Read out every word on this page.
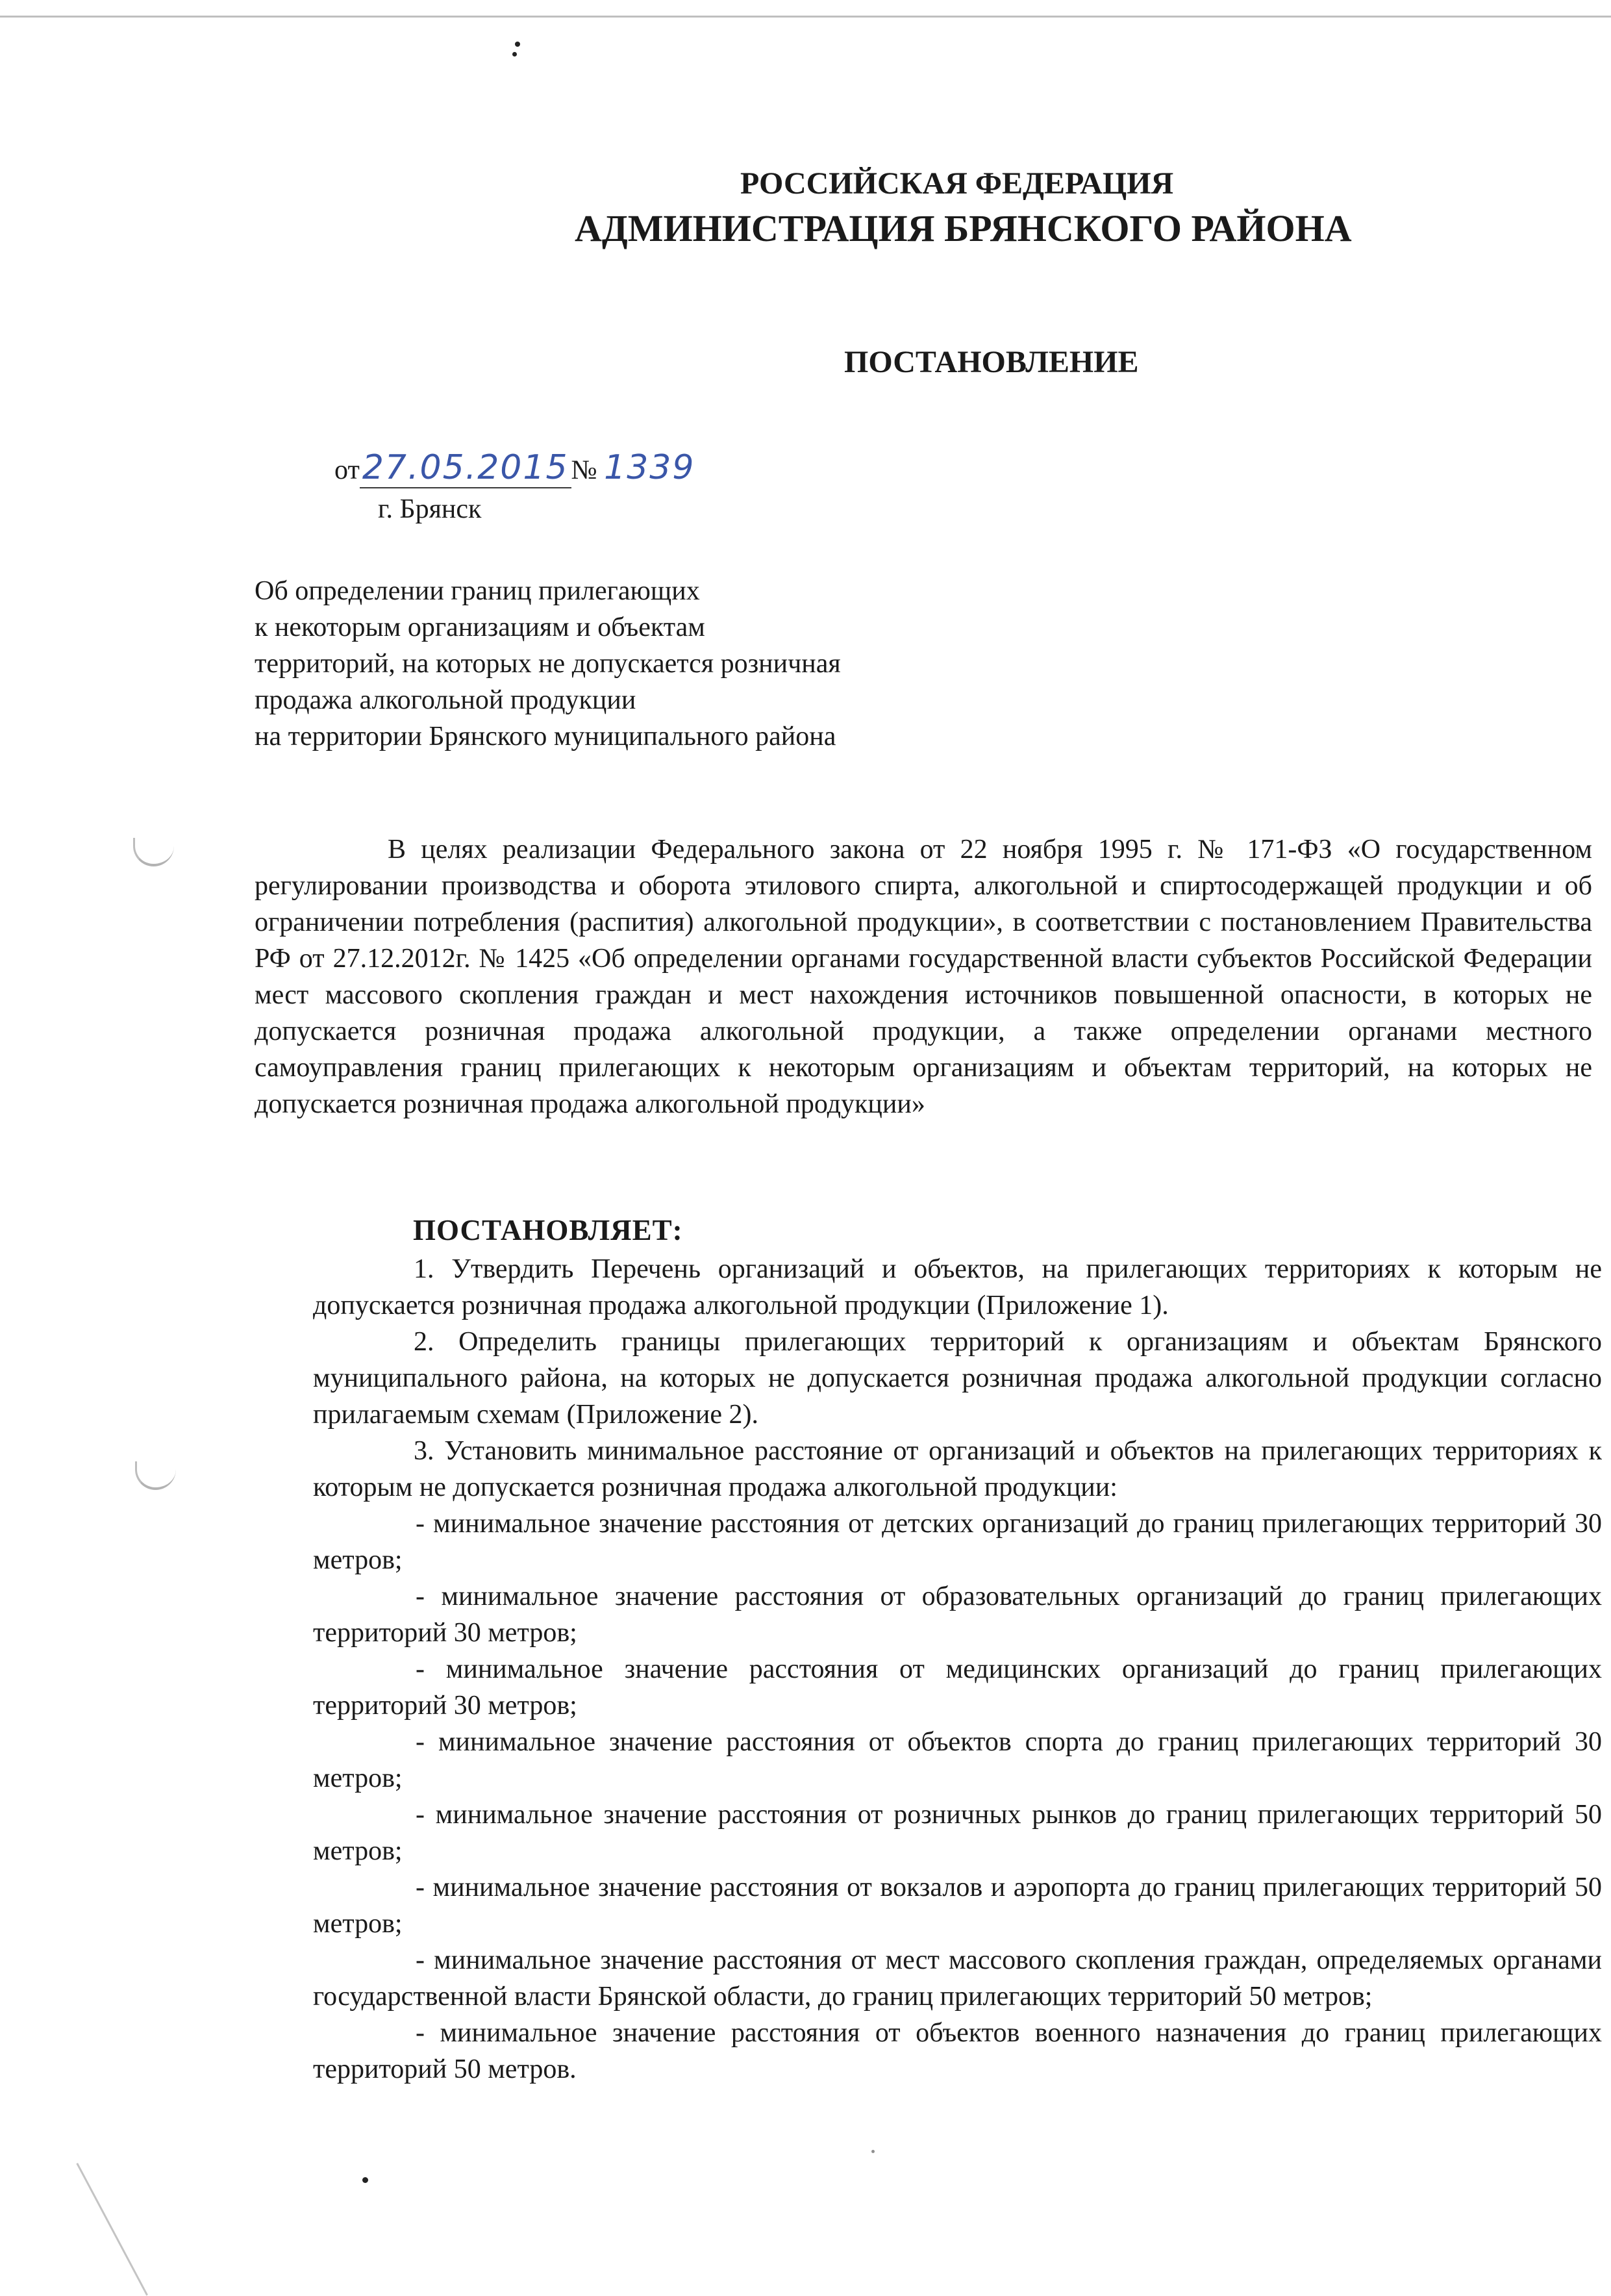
РОССИЙСКАЯ ФЕДЕРАЦИЯ
АДМИНИСТРАЦИЯ БРЯНСКОГО РАЙОНА
ПОСТАНОВЛЕНИЕ
от27.05.2015№ 1339
г. Брянск
Об определении границ прилегающих
к некоторым организациям и объектам
территорий, на которых не допускается розничная
продажа алкогольной продукции
на территории Брянского муниципального района
В целях реализации Федерального закона от 22 ноября 1995 г. № 171-ФЗ «О государственном регулировании производства и оборота этилового спирта, алкогольной и спиртосодержащей продукции и об ограничении потребления (распития) алкогольной продукции», в соответствии с постановлением Правительства РФ от 27.12.2012г. № 1425 «Об определении органами государственной власти субъектов Российской Федерации мест массового скопления граждан и мест нахождения источников повышенной опасности, в которых не допускается розничная продажа алкогольной продукции, а также определении органами местного самоуправления границ прилегающих к некоторым организациям и объектам территорий, на которых не допускается розничная продажа алкогольной продукции»
ПОСТАНОВЛЯЕТ:

1. Утвердить Перечень организаций и объектов, на прилегающих территориях к которым не допускается розничная продажа алкогольной продукции (Приложение 1).

2. Определить границы прилегающих территорий к организациям и объектам Брянского муниципального района, на которых не допускается розничная продажа алкогольной продукции согласно прилагаемым схемам (Приложение 2).

3. Установить минимальное расстояние от организаций и объектов на прилегающих территориях к которым не допускается розничная продажа алкогольной продукции:

- минимальное значение расстояния от детских организаций до границ прилегающих территорий 30 метров;

- минимальное значение расстояния от образовательных организаций до границ прилегающих территорий 30 метров;

- минимальное значение расстояния от медицинских организаций до границ прилегающих территорий 30 метров;

- минимальное значение расстояния от объектов спорта до границ прилегающих территорий 30 метров;

- минимальное значение расстояния от розничных рынков до границ прилегающих территорий 50 метров;

- минимальное значение расстояния от вокзалов и аэропорта до границ прилегающих территорий 50 метров;

- минимальное значение расстояния от мест массового скопления граждан, определяемых органами государственной власти Брянской области, до границ прилегающих территорий 50 метров;

- минимальное значение расстояния от объектов военного назначения до границ прилегающих территорий 50 метров.
